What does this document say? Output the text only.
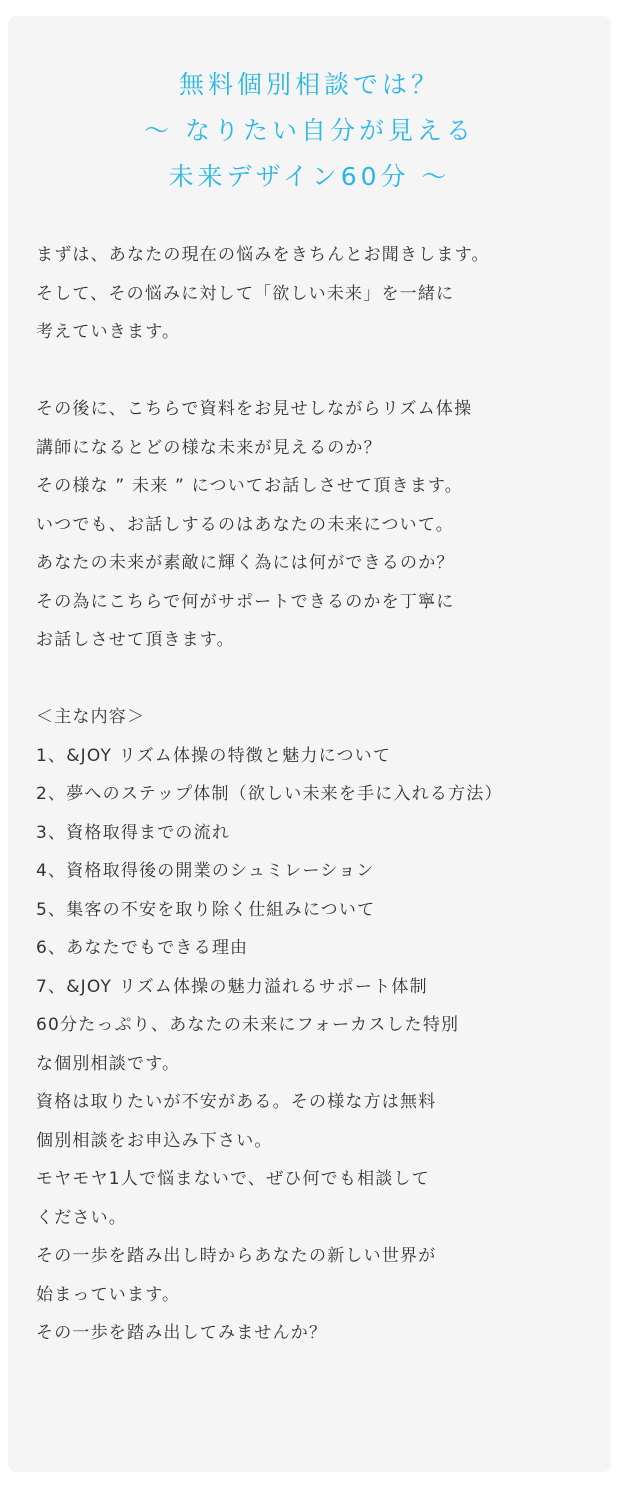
無料個別相談では？
～ なりたい自分が見える
未来デザイン60分 ～
まずは、あなたの現在の悩みをきちんとお聞きします。
そして、その悩みに対して「欲しい未来」を一緒に
考えていきます。
その後に、こちらで資料をお見せしながらリズム体操
講師になるとどの様な未来が見えるのか？
その様な ” 未来 ” についてお話しさせて頂きます。
いつでも、お話しするのはあなたの未来について。
あなたの未来が素敵に輝く為には何ができるのか？
その為にこちらで何がサポートできるのかを丁寧に
お話しさせて頂きます。
＜主な内容＞
1、&JOY リズム体操の特徴と魅力について
2、夢へのステップ体制（欲しい未来を手に入れる方法）
3、資格取得までの流れ
4、資格取得後の開業のシュミレーション
5、集客の不安を取り除く仕組みについて
6、あなたでもできる理由
7、&JOY リズム体操の魅力溢れるサポート体制
60分たっぷり、あなたの未来にフォーカスした特別
な個別相談です。
資格は取りたいが不安がある。その様な方は無料
個別相談をお申込み下さい。
モヤモヤ1人で悩まないで、ぜひ何でも相談して
ください。
その一歩を踏み出し時からあなたの新しい世界が
始まっています。
その一歩を踏み出してみませんか？
